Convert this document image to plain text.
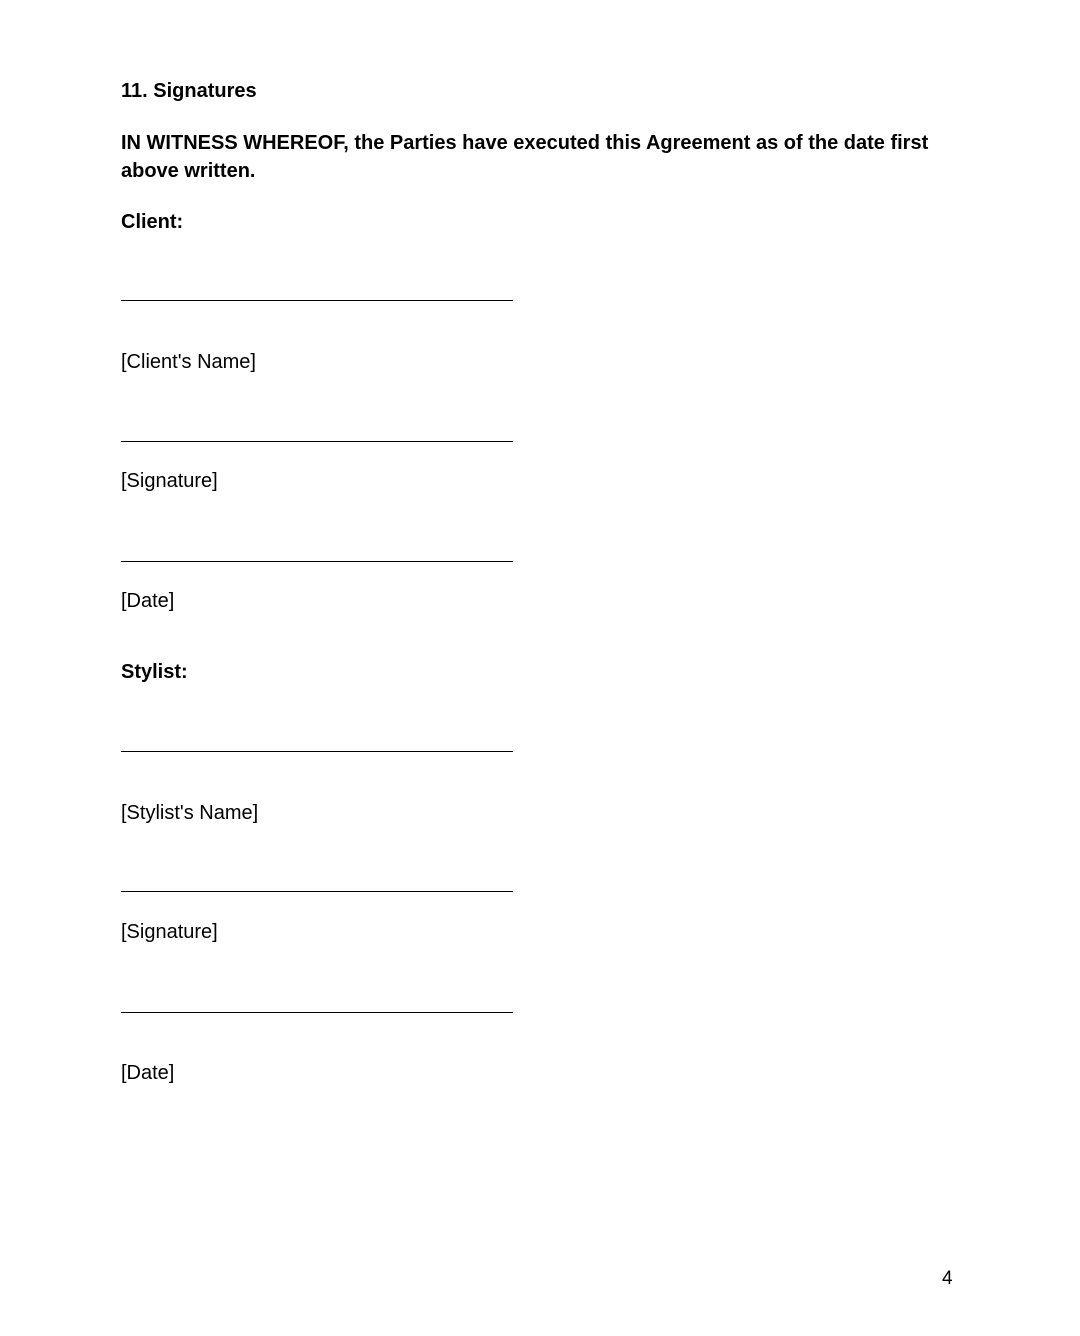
11. Signatures
IN WITNESS WHEREOF, the Parties have executed this Agreement as of the date first above written.
Client:
[Client's Name]
[Signature]
[Date]
Stylist:
[Stylist's Name]
[Signature]
[Date]
4
